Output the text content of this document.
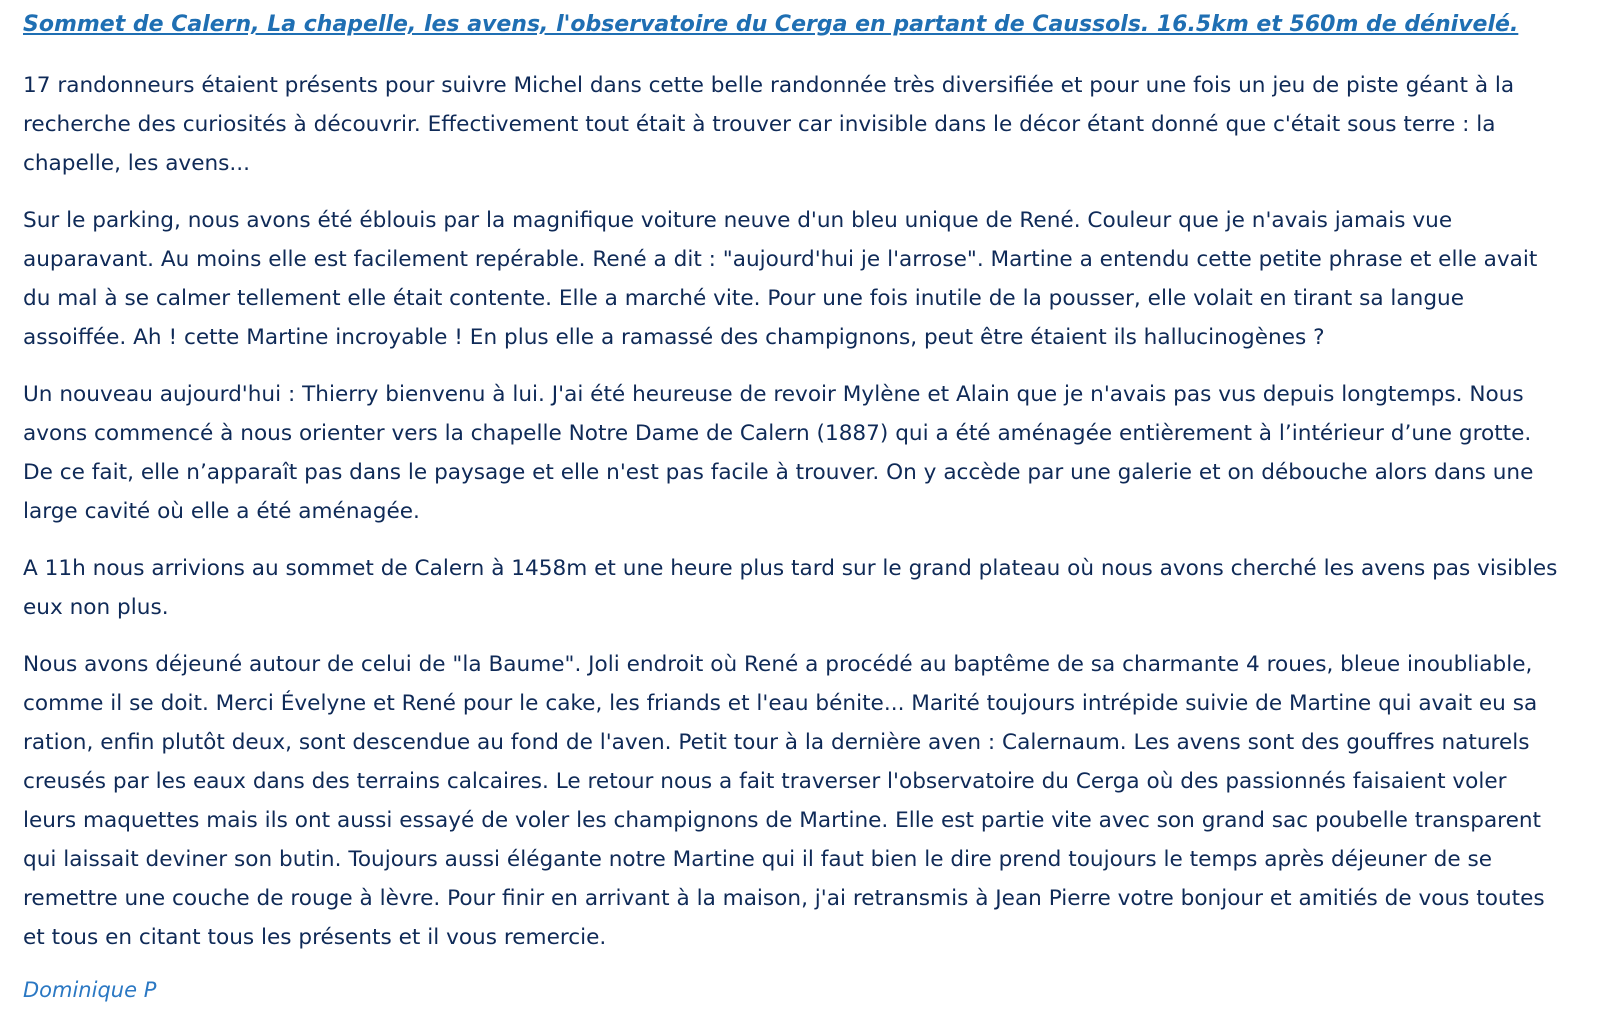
Sommet de Calern, La chapelle, les avens, l'observatoire du Cerga en partant de Caussols. 16.5km et 560m de dénivelé.

17 randonneurs étaient présents pour suivre Michel dans cette belle randonnée très diversifiée et pour une fois un jeu de piste géant à la recherche des curiosités à découvrir. Effectivement tout était à trouver car invisible dans le décor étant donné que c'était sous terre : la chapelle, les avens...

Sur le parking, nous avons été éblouis par la magnifique voiture neuve d'un bleu unique de René. Couleur que je n'avais jamais vue auparavant. Au moins elle est facilement repérable. René a dit : "aujourd'hui je l'arrose". Martine a entendu cette petite phrase et elle avait du mal à se calmer tellement elle était contente. Elle a marché vite. Pour une fois inutile de la pousser, elle volait en tirant sa langue assoiffée. Ah ! cette Martine incroyable ! En plus elle a ramassé des champignons, peut être étaient ils hallucinogènes ?

Un nouveau aujourd'hui : Thierry bienvenu à lui. J'ai été heureuse de revoir Mylène et Alain que je n'avais pas vus depuis longtemps. Nous avons commencé à nous orienter vers la chapelle Notre Dame de Calern (1887) qui a été aménagée entièrement à l’intérieur d’une grotte. De ce fait, elle n’apparaît pas dans le paysage et elle n'est pas facile à trouver. On y accède par une galerie et on débouche alors dans une large cavité où elle a été aménagée.

A 11h nous arrivions au sommet de Calern à 1458m et une heure plus tard sur le grand plateau où nous avons cherché les avens pas visibles eux non plus.

Nous avons déjeuné autour de celui de "la Baume". Joli endroit où René a procédé au baptême de sa charmante 4 roues, bleue inoubliable, comme il se doit. Merci Évelyne et René pour le cake, les friands et l'eau bénite... Marité toujours intrépide suivie de Martine qui avait eu sa ration, enfin plutôt deux, sont descendue au fond de l'aven. Petit tour à la dernière aven : Calernaum. Les avens sont des gouffres naturels creusés par les eaux dans des terrains calcaires. Le retour nous a fait traverser l'observatoire du Cerga où des passionnés faisaient voler leurs maquettes mais ils ont aussi essayé de voler les champignons de Martine. Elle est partie vite avec son grand sac poubelle transparent qui laissait deviner son butin. Toujours aussi élégante notre Martine qui il faut bien le dire prend toujours le temps après déjeuner de se remettre une couche de rouge à lèvre. Pour finir en arrivant à la maison, j'ai retransmis à Jean Pierre votre bonjour et amitiés de vous toutes et tous en citant tous les présents et il vous remercie.

Dominique P
